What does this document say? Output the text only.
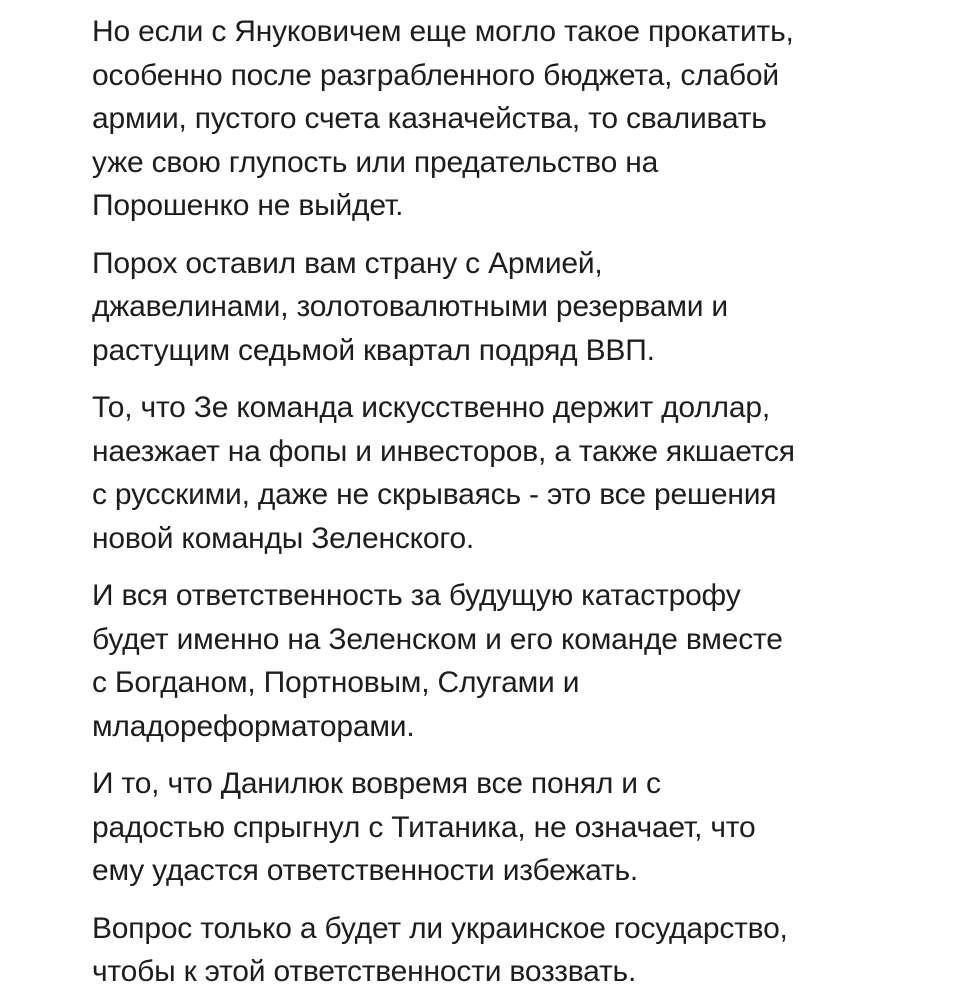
Но если с Януковичем еще могло такое прокатить,
особенно после разграбленного бюджета, слабой
армии, пустого счета казначейства, то сваливать
уже свою глупость или предательство на
Порошенко не выйдет.

Порох оставил вам страну с Армией,
джавелинами, золотовалютными резервами и
растущим седьмой квартал подряд ВВП.

То, что Зе команда искусственно держит доллар,
наезжает на фопы и инвесторов, а также якшается
с русскими, даже не скрываясь - это все решения
новой команды Зеленского.

И вся ответственность за будущую катастрофу
будет именно на Зеленском и его команде вместе
с Богданом, Портновым, Слугами и
младореформаторами.

И то, что Данилюк вовремя все понял и с
радостью спрыгнул с Титаника, не означает, что
ему удастся ответственности избежать.

Вопрос только а будет ли украинское государство,
чтобы к этой ответственности воззвать.
